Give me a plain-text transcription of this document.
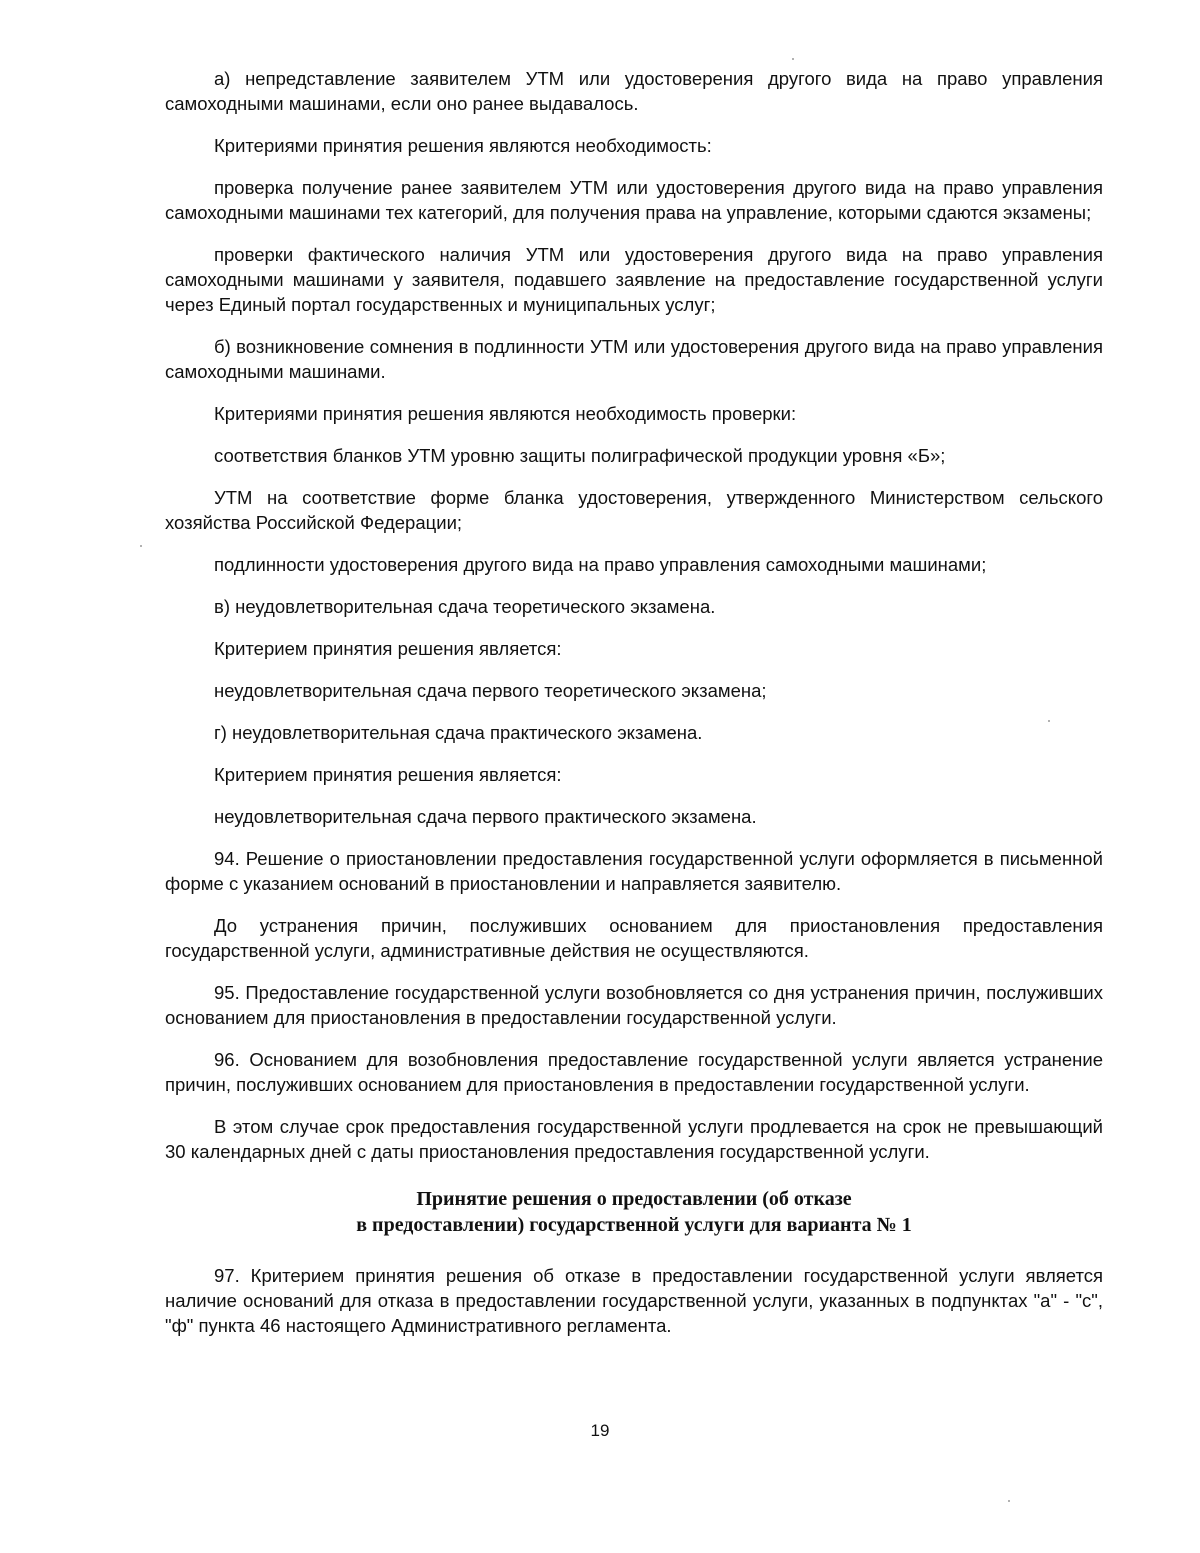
а) непредставление заявителем УТМ или удостоверения другого вида на право управления самоходными машинами, если оно ранее выдавалось.

Критериями принятия решения являются необходимость:

проверка получение ранее заявителем УТМ или удостоверения другого вида на право управления самоходными машинами тех категорий, для получения права на управление, которыми сдаются экзамены;

проверки фактического наличия УТМ или удостоверения другого вида на право управления самоходными машинами у заявителя, подавшего заявление на предоставление государственной услуги через Единый портал государственных и муниципальных услуг;

б) возникновение сомнения в подлинности УТМ или удостоверения другого вида на право управления самоходными машинами.

Критериями принятия решения являются необходимость проверки:

соответствия бланков УТМ уровню защиты полиграфической продукции уровня «Б»;

УТМ на соответствие форме бланка удостоверения, утвержденного Министерством сельского хозяйства Российской Федерации;

подлинности удостоверения другого вида на право управления самоходными машинами;

в) неудовлетворительная сдача теоретического экзамена.

Критерием принятия решения является:

неудовлетворительная сдача первого теоретического экзамена;

г) неудовлетворительная сдача практического экзамена.

Критерием принятия решения является:

неудовлетворительная сдача первого практического экзамена.

94. Решение о приостановлении предоставления государственной услуги оформляется в письменной форме с указанием оснований в приостановлении и направляется заявителю.

До устранения причин, послуживших основанием для приостановления предоставления государственной услуги, административные действия не осуществляются.

95. Предоставление государственной услуги возобновляется со дня устранения причин, послуживших основанием для приостановления в предоставлении государственной услуги.

96. Основанием для возобновления предоставление государственной услуги является устранение причин, послуживших основанием для приостановления в предоставлении государственной услуги.

В этом случае срок предоставления государственной услуги продлевается на срок не превышающий 30 календарных дней с даты приостановления предоставления государственной услуги.

Принятие решения о предоставлении (об отказе
в предоставлении) государственной услуги для варианта № 1

97. Критерием принятия решения об отказе в предоставлении государственной услуги является наличие оснований для отказа в предоставлении государственной услуги, указанных в подпунктах "а" - "с", "ф" пункта 46 настоящего Административного регламента.

19
